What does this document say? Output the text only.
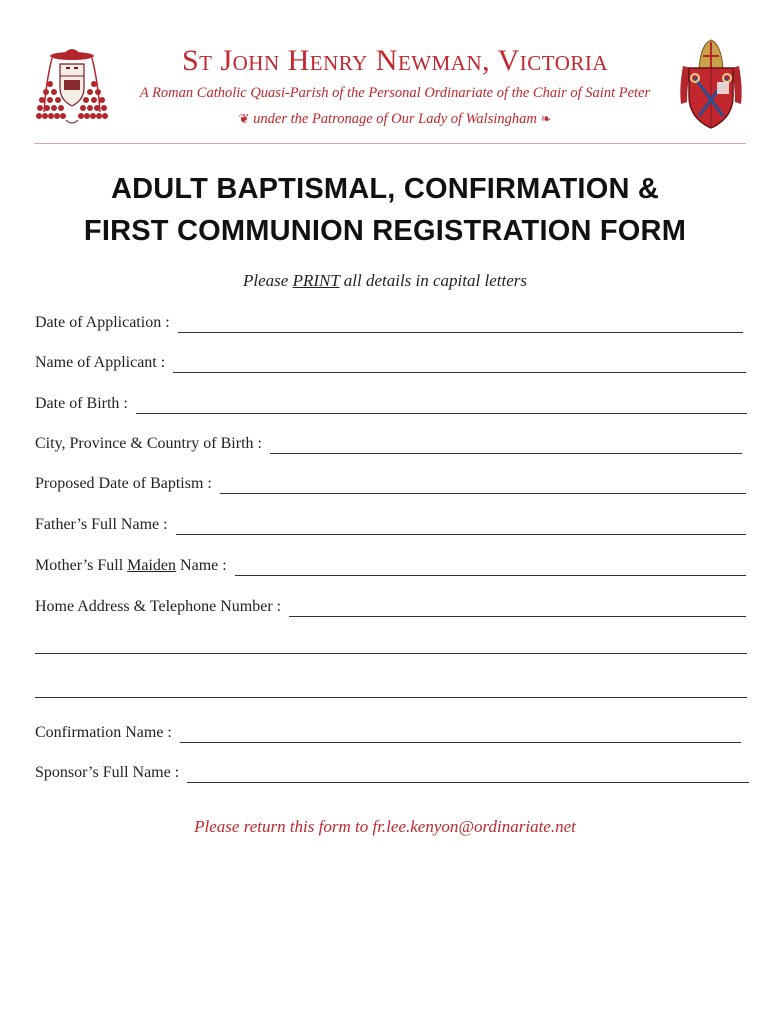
St John Henry Newman, Victoria
A Roman Catholic Quasi-Parish of the Personal Ordinariate of the Chair of Saint Peter
❦ under the Patronage of Our Lady of Walsingham ❧
ADULT BAPTISMAL, CONFIRMATION &
FIRST COMMUNION REGISTRATION FORM
Please PRINT all details in capital letters
Date of Application :
Name of Applicant :
Date of Birth :
City, Province & Country of Birth :
Proposed Date of Baptism :
Father’s Full Name :
Mother’s Full Maiden Name :
Home Address & Telephone Number :
Confirmation Name :
Sponsor’s Full Name :
Please return this form to fr.lee.kenyon@ordinariate.net
